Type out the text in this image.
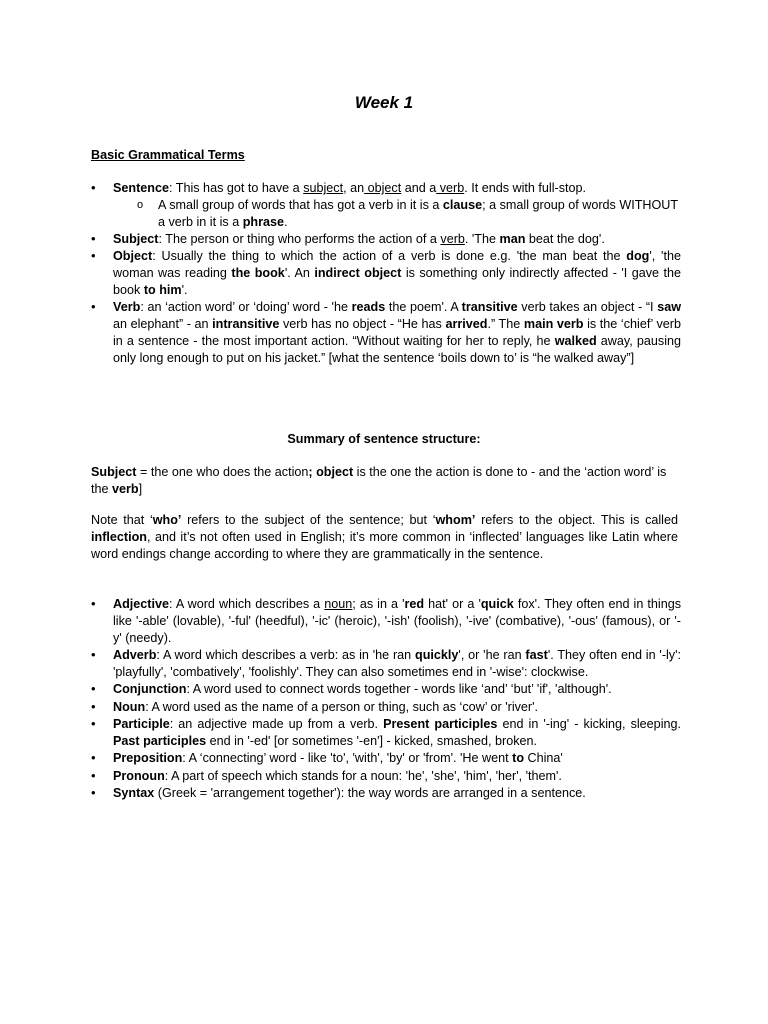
Week 1
Basic Grammatical Terms
• Sentence: This has got to have a subject, an object and a verb. It ends with full-stop.
o A small group of words that has got a verb in it is a clause; a small group of words WITHOUT a verb in it is a phrase.
• Subject: The person or thing who performs the action of a verb. 'The man beat the dog'.
• Object: Usually the thing to which the action of a verb is done e.g. 'the man beat the dog', 'the woman was reading the book'. An indirect object is something only indirectly affected - 'I gave the book to him'.
• Verb: an ‘action word’ or ‘doing’ word - 'he reads the poem'. A transitive verb takes an object - “I saw an elephant” - an intransitive verb has no object - “He has arrived.” The main verb is the ‘chief’ verb in a sentence - the most important action. “Without waiting for her to reply, he walked away, pausing only long enough to put on his jacket.” [what the sentence ‘boils down to’ is “he walked away”]
Summary of sentence structure:
Subject = the one who does the action; object is the one the action is done to - and the ‘action word’ is the verb]
Note that ‘who’ refers to the subject of the sentence; but ‘whom’ refers to the object. This is called inflection, and it’s not often used in English; it’s more common in ‘inflected’ languages like Latin where word endings change according to where they are grammatically in the sentence.
• Adjective: A word which describes a noun; as in a 'red hat' or a 'quick fox'. They often end in things like '-able' (lovable), '-ful' (heedful), '-ic' (heroic), '-ish' (foolish), '-ive' (combative), '-ous' (famous), or '-y' (needy).
• Adverb: A word which describes a verb: as in 'he ran quickly', or 'he ran fast'. They often end in '-ly': 'playfully', 'combatively', 'foolishly'. They can also sometimes end in '-wise': clockwise.
• Conjunction: A word used to connect words together - words like ‘and’ ‘but’ 'if', 'although'.
• Noun: A word used as the name of a person or thing, such as ‘cow’ or 'river'.
• Participle: an adjective made up from a verb. Present participles end in '-ing' - kicking, sleeping. Past participles end in '-ed' [or sometimes '-en'] - kicked, smashed, broken.
• Preposition: A ‘connecting’ word - like 'to', 'with', 'by' or 'from'. 'He went to China'
• Pronoun: A part of speech which stands for a noun: 'he', 'she', 'him', 'her', 'them'.
• Syntax (Greek = 'arrangement together'): the way words are arranged in a sentence.
